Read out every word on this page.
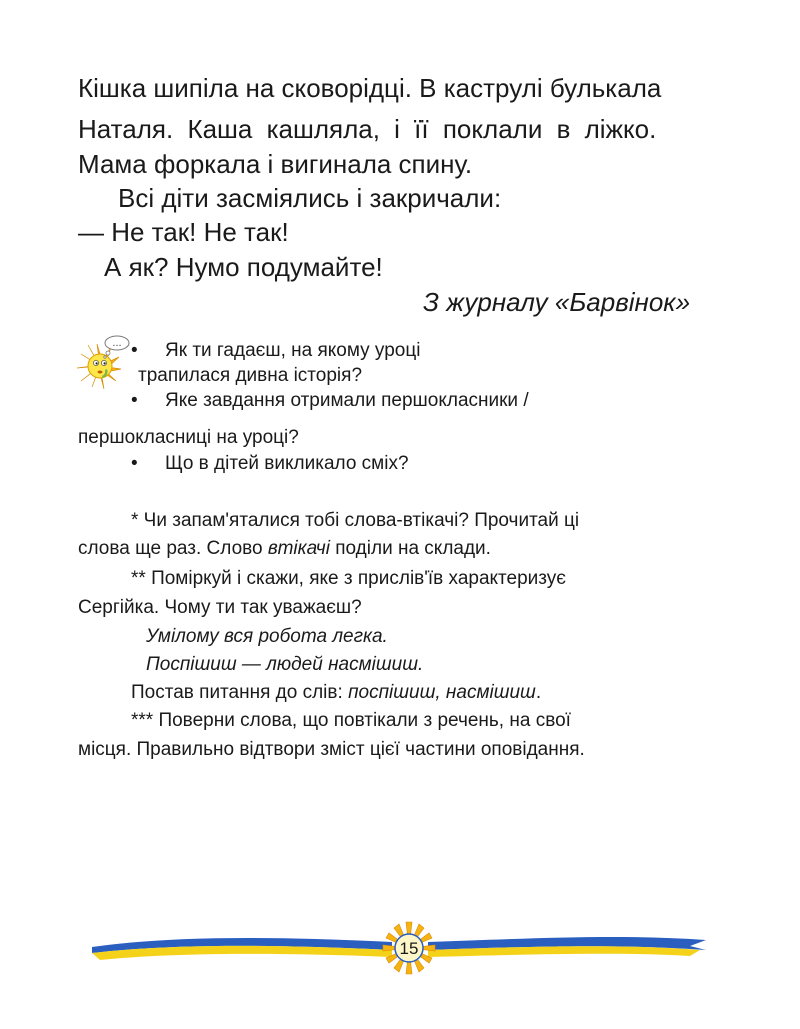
Кішка шипіла на сковорідці. В каструлі булькала
Наталя. Каша кашляла, і її поклали в ліжко.
Мама форкала і вигинала спину.
Всі діти засміялись і закричали:
— Не так! Не так!
А як? Нумо подумайте!
З журналу «Барвінок»
... • Як ти гадаєш, на якому уроці
трапилася дивна історія?
• Яке завдання отримали першокласники /
першокласниці на уроці?
• Що в дітей викликало сміх?
* Чи запам'яталися тобі слова-втікачі? Прочитай ці
слова ще раз. Слово втікачі поділи на склади.
** Поміркуй і скажи, яке з прислів'їв характеризує
Сергійка. Чому ти так уважаєш?
Умілому вся робота легка.
Поспішиш — людей насмішиш.
Постав питання до слів: поспішиш, насмішиш.
*** Поверни слова, що повтікали з речень, на свої
місця. Правильно відтвори зміст цієї частини оповідання.
15
